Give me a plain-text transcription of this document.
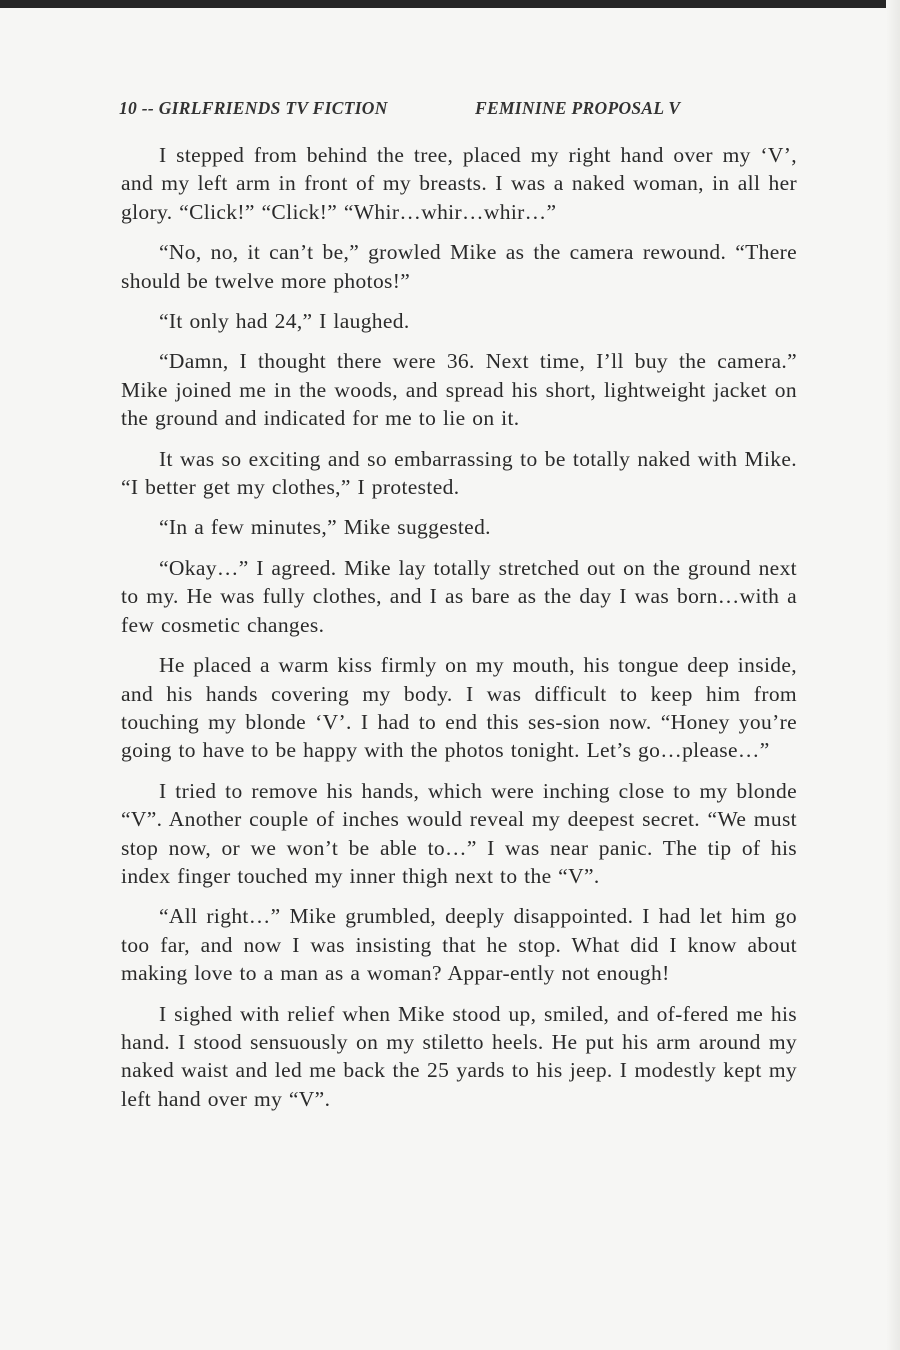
10 -- GIRLFRIENDS TV FICTION	FEMININE PROPOSAL V

I stepped from behind the tree, placed my right hand over my ‘V’, and my left arm in front of my breasts. I was a naked woman, in all her glory. “Click!” “Click!” “Whir…whir…whir…”

“No, no, it can’t be,” growled Mike as the camera rewound. “There should be twelve more photos!”

“It only had 24,” I laughed.

“Damn, I thought there were 36. Next time, I’ll buy the camera.” Mike joined me in the woods, and spread his short, lightweight jacket on the ground and indicated for me to lie on it.

It was so exciting and so embarrassing to be totally naked with Mike. “I better get my clothes,” I protested.

“In a few minutes,” Mike suggested.

“Okay…” I agreed. Mike lay totally stretched out on the ground next to my. He was fully clothes, and I as bare as the day I was born…with a few cosmetic changes.

He placed a warm kiss firmly on my mouth, his tongue deep inside, and his hands covering my body. I was difficult to keep him from touching my blonde ‘V’. I had to end this ses-sion now. “Honey you’re going to have to be happy with the photos tonight. Let’s go…please…”

I tried to remove his hands, which were inching close to my blonde “V”. Another couple of inches would reveal my deepest secret. “We must stop now, or we won’t be able to…” I was near panic. The tip of his index finger touched my inner thigh next to the “V”.

“All right…” Mike grumbled, deeply disappointed. I had let him go too far, and now I was insisting that he stop. What did I know about making love to a man as a woman? Appar-ently not enough!

I sighed with relief when Mike stood up, smiled, and of-fered me his hand. I stood sensuously on my stiletto heels. He put his arm around my naked waist and led me back the 25 yards to his jeep. I modestly kept my left hand over my “V”.
